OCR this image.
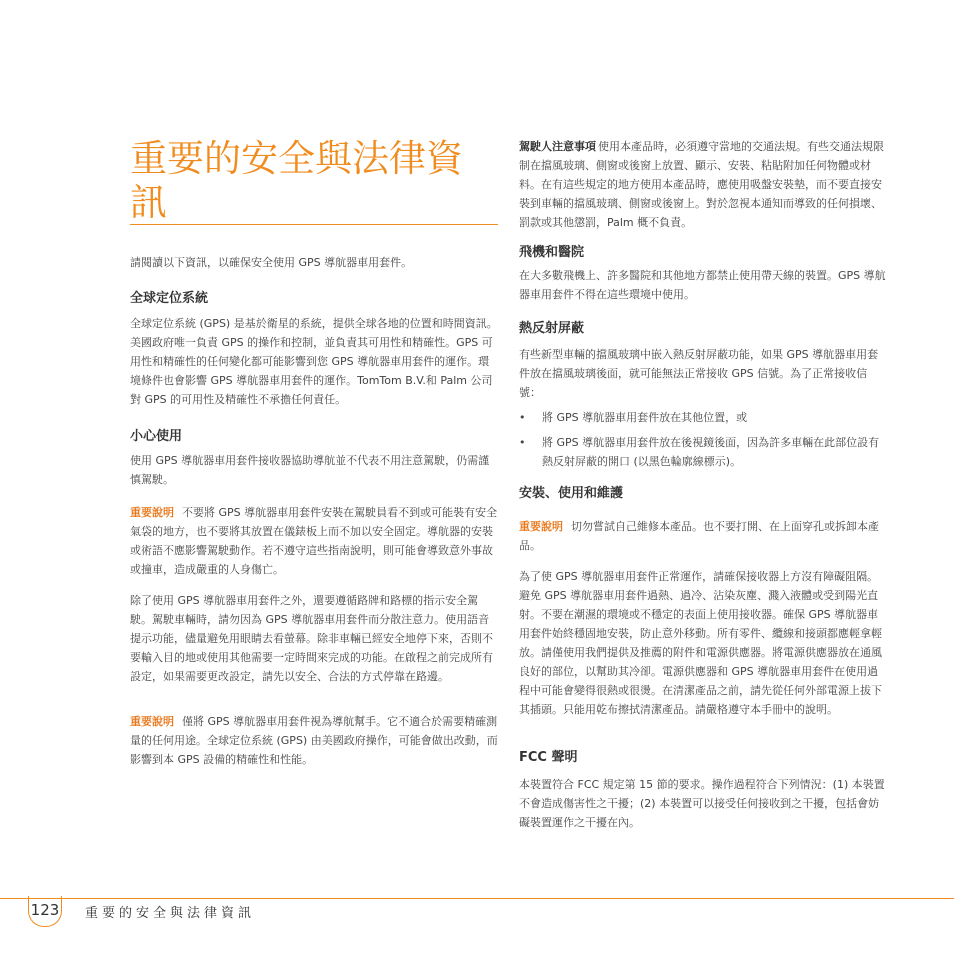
重要的安全與法律資訊

請閱讀以下資訊，以確保安全使用 GPS 導航器車用套件。

全球定位系統

全球定位系統 (GPS) 是基於衛星的系統，提供全球各地的位置和時間資訊。美國政府唯一負責 GPS 的操作和控制，並負責其可用性和精確性。GPS 可用性和精確性的任何變化都可能影響到您 GPS 導航器車用套件的運作。環境條件也會影響 GPS 導航器車用套件的運作。TomTom B.V.和 Palm 公司對 GPS 的可用性及精確性不承擔任何責任。

小心使用

使用 GPS 導航器車用套件接收器協助導航並不代表不用注意駕駛，仍需謹慎駕駛。

重要說明 不要將 GPS 導航器車用套件安裝在駕駛員看不到或可能裝有安全氣袋的地方，也不要將其放置在儀錶板上而不加以安全固定。導航器的安裝或術語不應影響駕駛動作。若不遵守這些指南說明，則可能會導致意外事故或撞車，造成嚴重的人身傷亡。

除了使用 GPS 導航器車用套件之外，還要遵循路牌和路標的指示安全駕駛。駕駛車輛時，請勿因為 GPS 導航器車用套件而分散注意力。使用語音提示功能，儘量避免用眼睛去看螢幕。除非車輛已經安全地停下來，否則不要輸入目的地或使用其他需要一定時間來完成的功能。在啟程之前完成所有設定，如果需要更改設定，請先以安全、合法的方式停靠在路邊。

重要說明 僅將 GPS 導航器車用套件視為導航幫手。它不適合於需要精確測量的任何用途。全球定位系統 (GPS) 由美國政府操作，可能會做出改動，而影響到本 GPS 設備的精確性和性能。

駕駛人注意事項 使用本產品時，必須遵守當地的交通法規。有些交通法規限制在擋風玻璃、側窗或後窗上放置、顯示、安裝、粘貼附加任何物體或材料。在有這些規定的地方使用本產品時，應使用吸盤安裝墊，而不要直接安裝到車輛的擋風玻璃、側窗或後窗上。對於忽視本通知而導致的任何損壞、罰款或其他懲罰，Palm 概不負責。

飛機和醫院

在大多數飛機上、許多醫院和其他地方都禁止使用帶天線的裝置。GPS 導航器車用套件不得在這些環境中使用。

熱反射屏蔽

有些新型車輛的擋風玻璃中嵌入熱反射屏蔽功能，如果 GPS 導航器車用套件放在擋風玻璃後面，就可能無法正常接收 GPS 信號。為了正常接收信號：

• 將 GPS 導航器車用套件放在其他位置，或
• 將 GPS 導航器車用套件放在後視鏡後面，因為許多車輛在此部位設有熱反射屏蔽的開口 (以黑色輪廓線標示)。
安裝、使用和維護

重要說明 切勿嘗試自己維修本產品。也不要打開、在上面穿孔或拆卸本產品。

為了使 GPS 導航器車用套件正常運作，請確保接收器上方沒有障礙阻隔。避免 GPS 導航器車用套件過熱、過冷、沾染灰塵、濺入液體或受到陽光直射。不要在潮濕的環境或不穩定的表面上使用接收器。確保 GPS 導航器車用套件始終穩固地安裝，防止意外移動。所有零件、纜線和接頭都應輕拿輕放。請僅使用我們提供及推薦的附件和電源供應器。將電源供應器放在通風良好的部位，以幫助其冷卻。電源供應器和 GPS 導航器車用套件在使用過程中可能會變得很熱或很燙。在清潔產品之前，請先從任何外部電源上拔下其插頭。只能用乾布擦拭清潔產品。請嚴格遵守本手冊中的說明。

FCC 聲明

本裝置符合 FCC 規定第 15 節的要求。操作過程符合下列情況：(1) 本裝置不會造成傷害性之干擾；(2) 本裝置可以接受任何接收到之干擾，包括會妨礙裝置運作之干擾在內。

123 重要的安全與法律資訊
